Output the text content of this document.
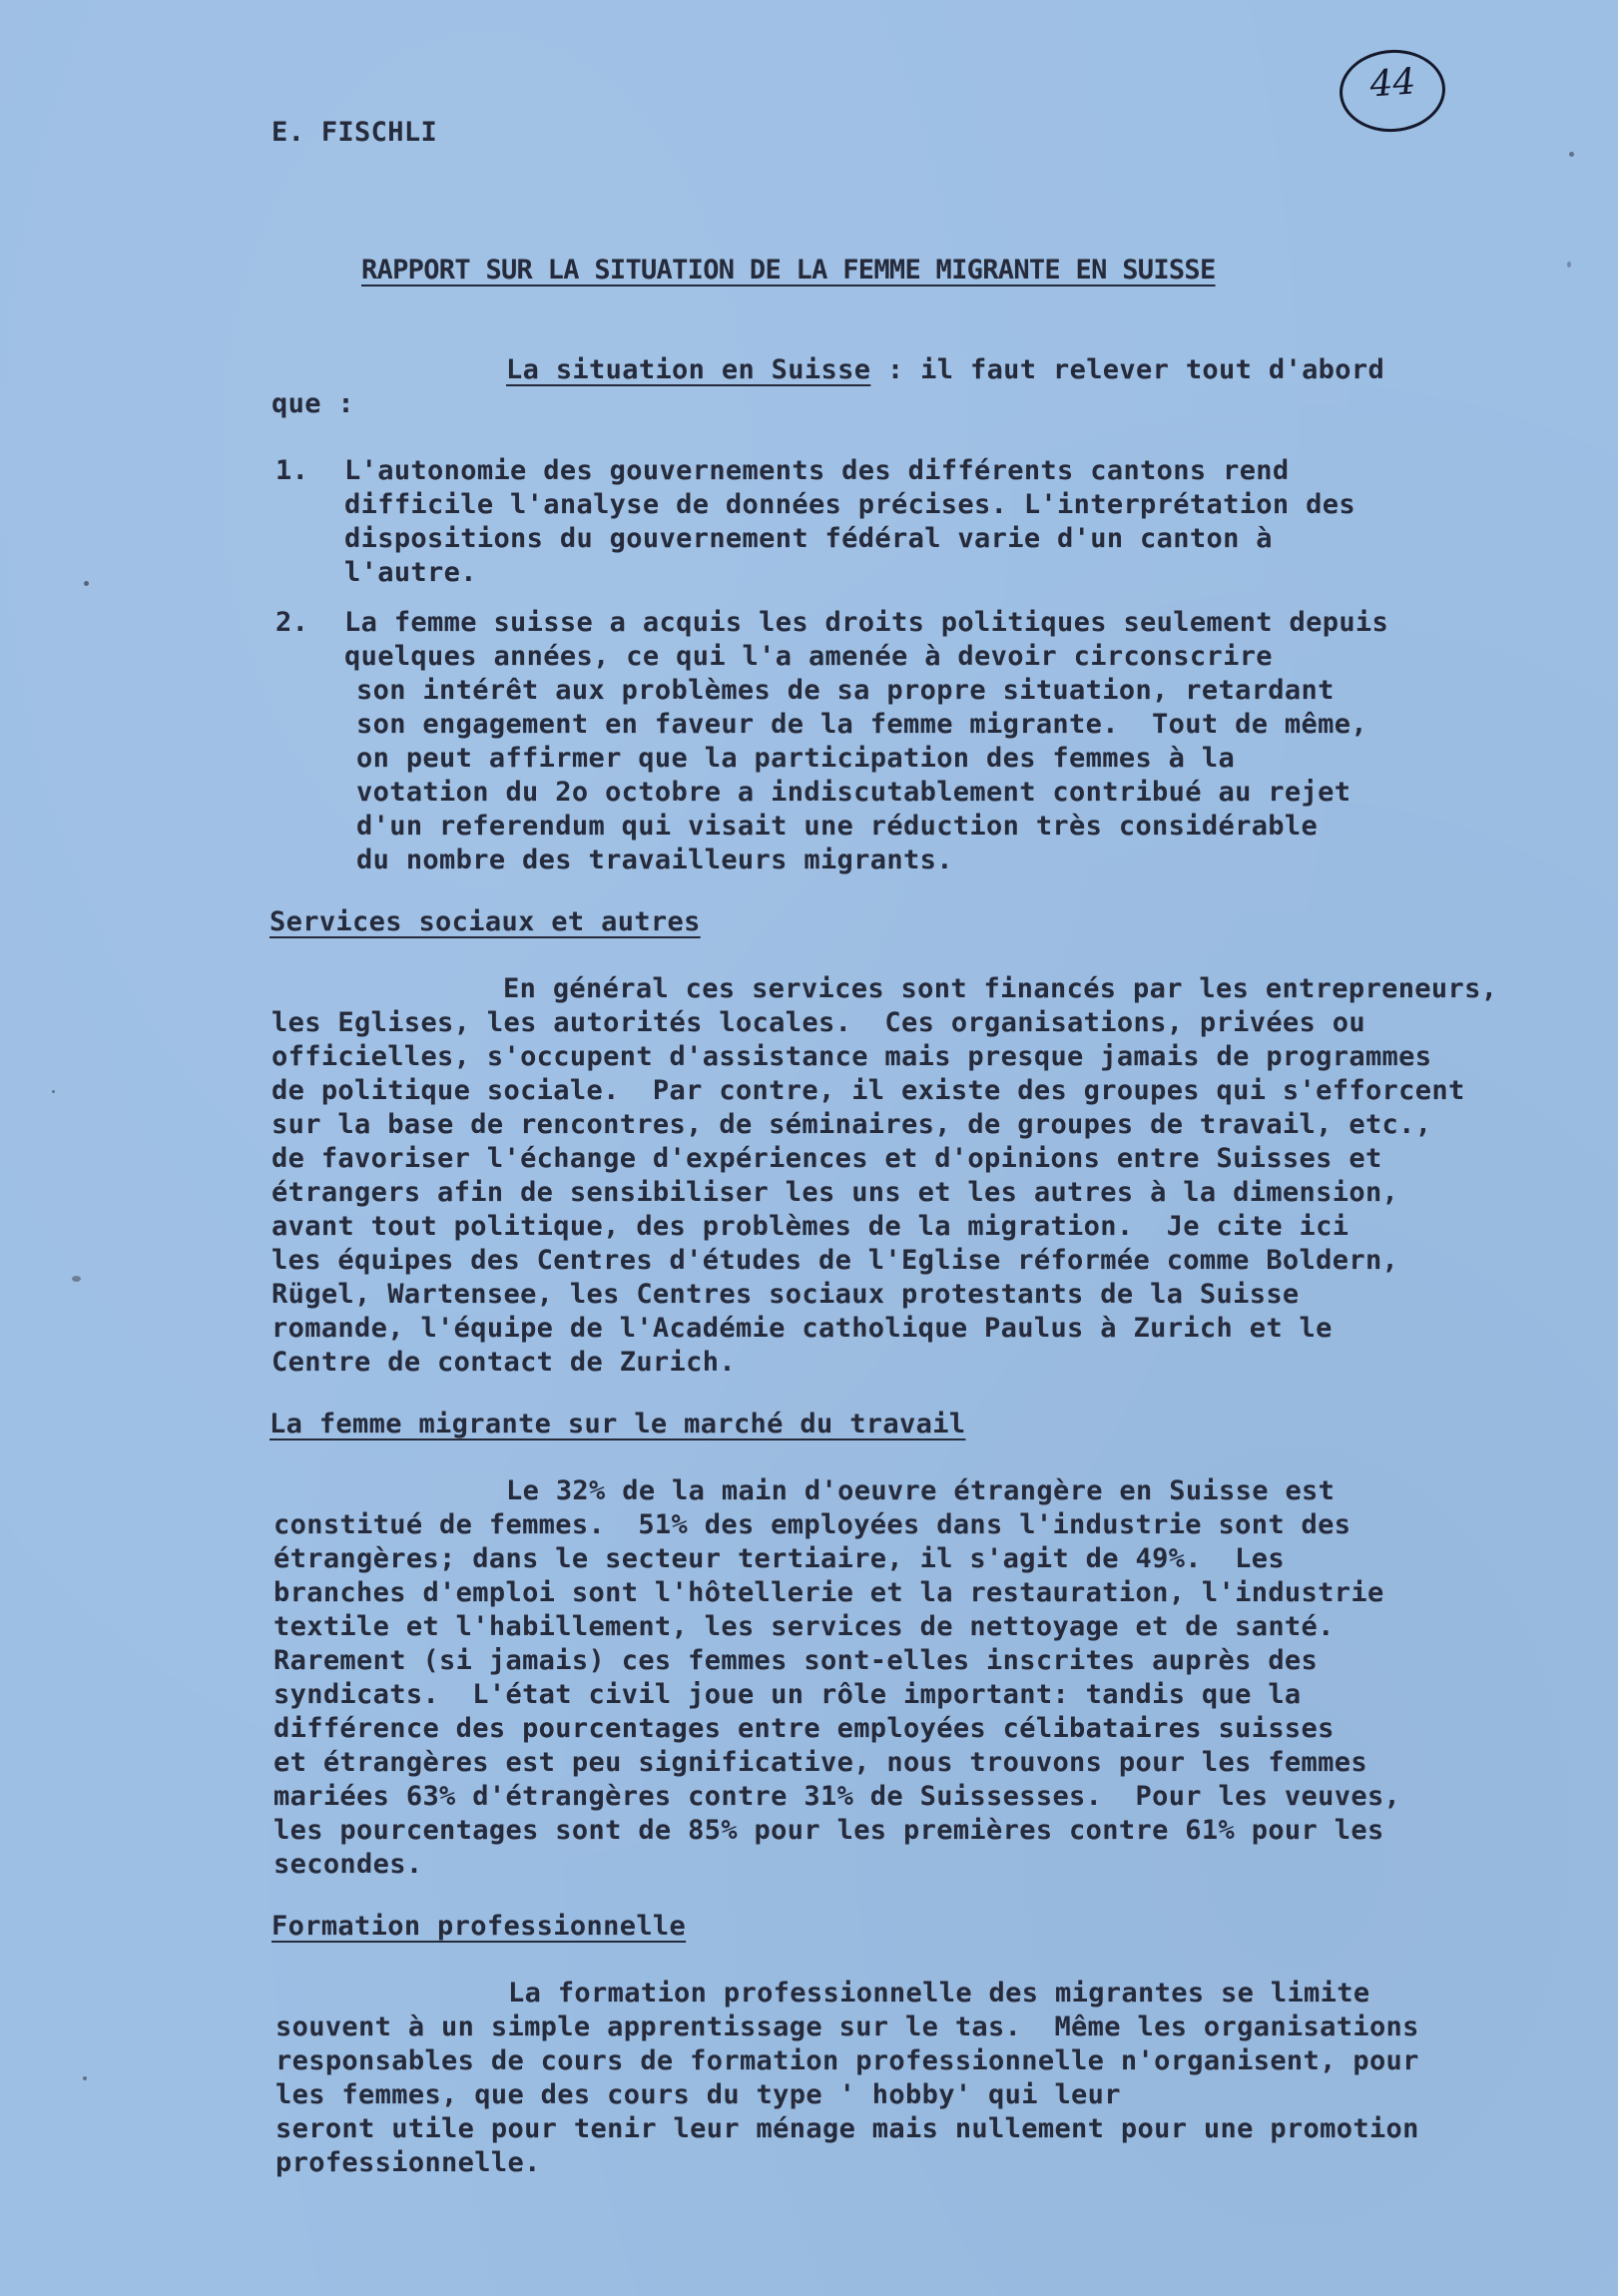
E. FISCHLI
44
RAPPORT SUR LA SITUATION DE LA FEMME MIGRANTE EN SUISSE
La situation en Suisse : il faut relever tout d'abord
que :
1. L'autonomie des gouvernements des différents cantons rend
difficile l'analyse de données précises. L'interprétation des
dispositions du gouvernement fédéral varie d'un canton à
l'autre.
2. La femme suisse a acquis les droits politiques seulement depuis
quelques années, ce qui l'a amenée à devoir circonscrire
son intérêt aux problèmes de sa propre situation, retardant
son engagement en faveur de la femme migrante.  Tout de même,
on peut affirmer que la participation des femmes à la
votation du 2o octobre a indiscutablement contribué au rejet
d'un referendum qui visait une réduction très considérable
du nombre des travailleurs migrants.
Services sociaux et autres
En général ces services sont financés par les entrepreneurs,
les Eglises, les autorités locales.  Ces organisations, privées ou
officielles, s'occupent d'assistance mais presque jamais de programmes
de politique sociale.  Par contre, il existe des groupes qui s'efforcent
sur la base de rencontres, de séminaires, de groupes de travail, etc.,
de favoriser l'échange d'expériences et d'opinions entre Suisses et
étrangers afin de sensibiliser les uns et les autres à la dimension,
avant tout politique, des problèmes de la migration.  Je cite ici
les équipes des Centres d'études de l'Eglise réformée comme Boldern,
Rügel, Wartensee, les Centres sociaux protestants de la Suisse
romande, l'équipe de l'Académie catholique Paulus à Zurich et le
Centre de contact de Zurich.
La femme migrante sur le marché du travail
Le 32% de la main d'oeuvre étrangère en Suisse est
constitué de femmes.  51% des employées dans l'industrie sont des
étrangères; dans le secteur tertiaire, il s'agit de 49%.  Les
branches d'emploi sont l'hôtellerie et la restauration, l'industrie
textile et l'habillement, les services de nettoyage et de santé.
Rarement (si jamais) ces femmes sont-elles inscrites auprès des
syndicats.  L'état civil joue un rôle important: tandis que la
différence des pourcentages entre employées célibataires suisses
et étrangères est peu significative, nous trouvons pour les femmes
mariées 63% d'étrangères contre 31% de Suissesses.  Pour les veuves,
les pourcentages sont de 85% pour les premières contre 61% pour les
secondes.
Formation professionnelle
La formation professionnelle des migrantes se limite
souvent à un simple apprentissage sur le tas.  Même les organisations
responsables de cours de formation professionnelle n'organisent, pour
les femmes, que des cours du type ' hobby' qui leur
seront utile pour tenir leur ménage mais nullement pour une promotion
professionnelle.
